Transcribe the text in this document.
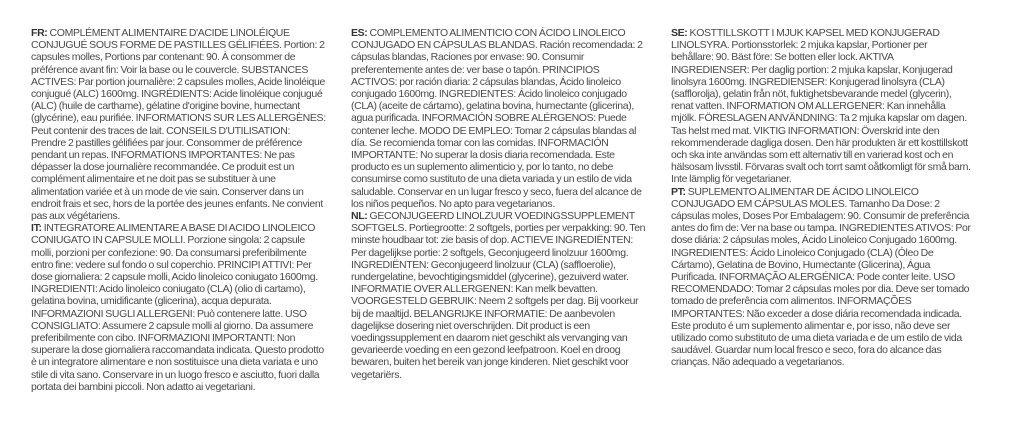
FR: COMPLÉMENT ALIMENTAIRE D'ACIDE LINOLÉIQUE CONJUGUÉ SOUS FORME DE PASTILLES GÉLIFIÉES. Portion: 2 capsules molles, Portions par contenant: 90. À consommer de préférence avant fin: Voir la base ou le couvercle. SUBSTANCES ACTIVES: Par portion journalière: 2 capsules molles, Acide linoléique conjugué (ALC) 1600mg. INGRÉDIENTS: Acide linoléique conjugué (ALC) (huile de carthame), gélatine d'origine bovine, humectant (glycérine), eau purifiée. INFORMATIONS SUR LES ALLERGÈNES: Peut contenir des traces de lait. CONSEILS D'UTILISATION: Prendre 2 pastilles gélifiées par jour. Consommer de préférence pendant un repas. INFORMATIONS IMPORTANTES: Ne pas dépasser la dose journalière recommandée. Ce produit est un complément alimentaire et ne doit pas se substituer à une alimentation variée et à un mode de vie sain. Conserver dans un endroit frais et sec, hors de la portée des jeunes enfants. Ne convient pas aux végétariens.
IT: INTEGRATORE ALIMENTARE A BASE DI ACIDO LINOLEICO CONIUGATO IN CAPSULE MOLLI. Porzione singola: 2 capsule molli, porzioni per confezione: 90. Da consumarsi preferibilmente entro fine: vedere sul fondo o sul coperchio. PRINCIPI ATTIVI: Per dose giornaliera: 2 capsule molli, Acido linoleico coniugato 1600mg. INGREDIENTI: Acido linoleico coniugato (CLA) (olio di cartamo), gelatina bovina, umidificante (glicerina), acqua depurata. INFORMAZIONI SUGLI ALLERGENI: Può contenere latte. USO CONSIGLIATO: Assumere 2 capsule molli al giorno. Da assumere preferibilmente con cibo. INFORMAZIONI IMPORTANTI: Non superare la dose giornaliera raccomandata indicata. Questo prodotto è un integratore alimentare e non sostituisce una dieta variata e uno stile di vita sano. Conservare in un luogo fresco e asciutto, fuori dalla portata dei bambini piccoli. Non adatto ai vegetariani.
ES: COMPLEMENTO ALIMENTICIO CON ÁCIDO LINOLEICO CONJUGADO EN CÁPSULAS BLANDAS. Ración recomendada: 2 cápsulas blandas, Raciones por envase: 90. Consumir preferentemente antes de: ver base o tapón. PRINCIPIOS ACTIVOS: por ración diaria: 2 cápsulas blandas, Ácido linoleico conjugado 1600mg. INGREDIENTES: Ácido linoleico conjugado (CLA) (aceite de cártamo), gelatina bovina, humectante (glicerina), agua purificada. INFORMACIÓN SOBRE ALÉRGENOS: Puede contener leche. MODO DE EMPLEO: Tomar 2 cápsulas blandas al día. Se recomienda tomar con las comidas. INFORMACIÓN IMPORTANTE: No superar la dosis diaria recomendada. Este producto es un suplemento alimenticio y, por lo tanto, no debe consumirse como sustituto de una dieta variada y un estilo de vida saludable. Conservar en un lugar fresco y seco, fuera del alcance de los niños pequeños. No apto para vegetarianos.
NL: GECONJUGEERD LINOLZUUR VOEDINGSSUPPLEMENT SOFTGELS. Portiegrootte: 2 softgels, porties per verpakking: 90. Ten minste houdbaar tot: zie basis of dop. ACTIEVE INGREDIËNTEN: Per dagelijkse portie: 2 softgels, Geconjugeerd linolzuur 1600mg. INGREDIËNTEN: Geconjugeerd linolzuur (CLA) (saffloerolie), rundergelatine, bevochtigingsmiddel (glycerine), gezuiverd water. INFORMATIE OVER ALLERGENEN: Kan melk bevatten. VOORGESTELD GEBRUIK: Neem 2 softgels per dag. Bij voorkeur bij de maaltijd. BELANGRIJKE INFORMATIE: De aanbevolen dagelijkse dosering niet overschrijden. Dit product is een voedingssupplement en daarom niet geschikt als vervanging van gevarieerde voeding en een gezond leefpatroon. Koel en droog bewaren, buiten het bereik van jonge kinderen. Niet geschikt voor vegetariërs.
SE: KOSTTILLSKOTT I MJUK KAPSEL MED KONJUGERAD LINOLSYRA. Portionsstorlek: 2 mjuka kapslar, Portioner per behållare: 90. Bäst före: Se botten eller lock. AKTIVA INGREDIENSER: Per daglig portion: 2 mjuka kapslar, Konjugerad linolsyra 1600mg. INGREDIENSER: Konjugerad linolsyra (CLA) (safflorolja), gelatin från nöt, fuktighetsbevarande medel (glycerin), renat vatten. INFORMATION OM ALLERGENER: Kan innehålla mjölk. FÖRESLAGEN ANVÄNDNING: Ta 2 mjuka kapslar om dagen. Tas helst med mat. VIKTIG INFORMATION: Överskrid inte den rekommenderade dagliga dosen. Den här produkten är ett kosttillskott och ska inte användas som ett alternativ till en varierad kost och en hälsosam livsstil. Förvaras svalt och torrt samt oåtkomligt för små barn. Inte lämplig för vegetarianer.
PT: SUPLEMENTO ALIMENTAR DE ÁCIDO LINOLEICO CONJUGADO EM CÁPSULAS MOLES. Tamanho Da Dose: 2 cápsulas moles, Doses Por Embalagem: 90. Consumir de preferência antes do fim de: Ver na base ou tampa. INGREDIENTES ATIVOS: Por dose diária: 2 cápsulas moles, Ácido Linoleico Conjugado 1600mg. INGREDIENTES: Ácido Linoleico Conjugado (CLA) (Óleo De Cártamo), Gelatina de Bovino, Humectante (Glicerina), Água Purificada. INFORMAÇÃO ALERGÉNICA: Pode conter leite. USO RECOMENDADO: Tomar 2 cápsulas moles por dia. Deve ser tomado tomado de preferência com alimentos. INFORMAÇÕES IMPORTANTES: Não exceder a dose diária recomendada indicada. Este produto é um suplemento alimentar e, por isso, não deve ser utilizado como substituto de uma dieta variada e de um estilo de vida saudável. Guardar num local fresco e seco, fora do alcance das crianças. Não adequado a vegetarianos.
